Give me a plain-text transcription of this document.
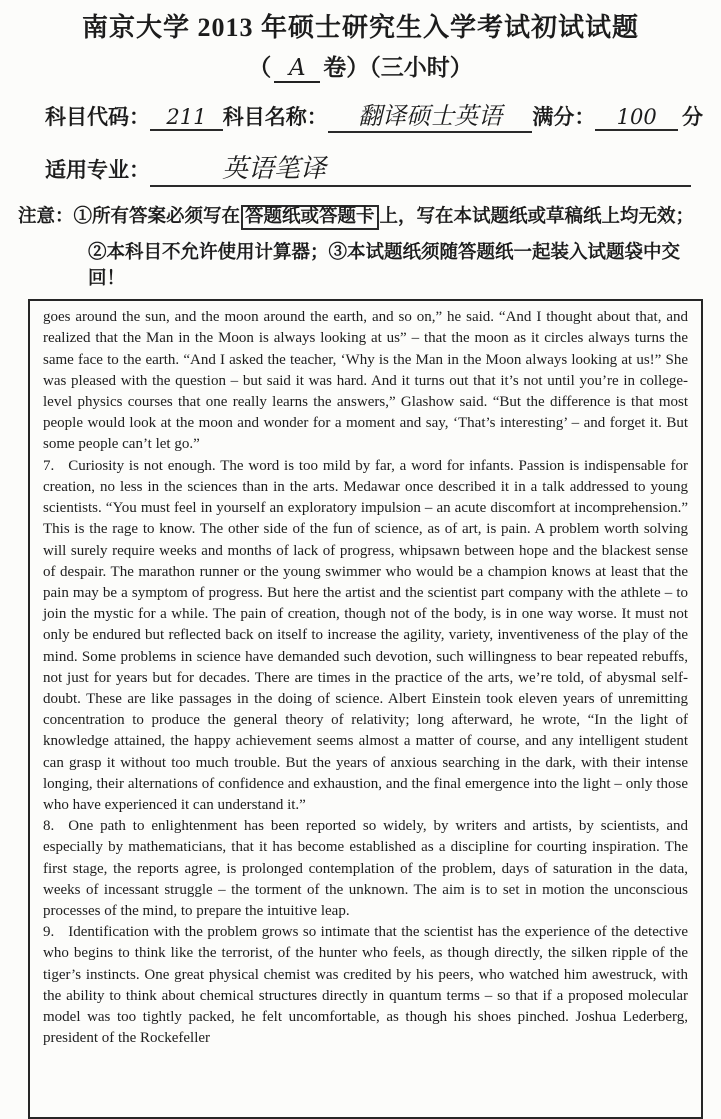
南京大学 2013 年硕士研究生入学考试初试试题
（ A 卷）（三小时）
科目代码： 211 科目名称：	翻译硕士英语	满分：	100	分
适用专业：	英语笔译
注意：①所有答案必须写在 答题纸或答题卡 上，写在本试题纸或草稿纸上均无效；
②本科目不允许使用计算器；③本试题纸须随答题纸一起装入试题袋中交回！

goes around the sun, and the moon around the earth, and so on,” he said. “And I thought about that, and realized that the Man in the Moon is always looking at us” – that the moon as it circles always turns the same face to the earth. “And I asked the teacher, ‘Why is the Man in the Moon always looking at us!” She was pleased with the question – but said it was hard. And it turns out that it’s not until you’re in college-level physics courses that one really learns the answers,” Glashow said. “But the difference is that most people would look at the moon and wonder for a moment and say, ‘That’s interesting’ – and forget it. But some people can’t let go.”

7. Curiosity is not enough. The word is too mild by far, a word for infants. Passion is indispensable for creation, no less in the sciences than in the arts. Medawar once described it in a talk addressed to young scientists. “You must feel in yourself an exploratory impulsion – an acute discomfort at incomprehension.” This is the rage to know. The other side of the fun of science, as of art, is pain. A problem worth solving will surely require weeks and months of lack of progress, whipsawn between hope and the blackest sense of despair. The marathon runner or the young swimmer who would be a champion knows at least that the pain may be a symptom of progress. But here the artist and the scientist part company with the athlete – to join the mystic for a while. The pain of creation, though not of the body, is in one way worse. It must not only be endured but reflected back on itself to increase the agility, variety, inventiveness of the play of the mind. Some problems in science have demanded such devotion, such willingness to bear repeated rebuffs, not just for years but for decades. There are times in the practice of the arts, we’re told, of abysmal self-doubt. These are like passages in the doing of science. Albert Einstein took eleven years of unremitting concentration to produce the general theory of relativity; long afterward, he wrote, “In the light of knowledge attained, the happy achievement seems almost a matter of course, and any intelligent student can grasp it without too much trouble. But the years of anxious searching in the dark, with their intense longing, their alternations of confidence and exhaustion, and the final emergence into the light – only those who have experienced it can understand it.”

8. One path to enlightenment has been reported so widely, by writers and artists, by scientists, and especially by mathematicians, that it has become established as a discipline for courting inspiration. The first stage, the reports agree, is prolonged contemplation of the problem, days of saturation in the data, weeks of incessant struggle – the torment of the unknown. The aim is to set in motion the unconscious processes of the mind, to prepare the intuitive leap.

9. Identification with the problem grows so intimate that the scientist has the experience of the detective who begins to think like the terrorist, of the hunter who feels, as though directly, the silken ripple of the tiger’s instincts. One great physical chemist was credited by his peers, who watched him awestruck, with the ability to think about chemical structures directly in quantum terms – so that if a proposed molecular model was too tightly packed, he felt uncomfortable, as though his shoes pinched. Joshua Lederberg, president of the Rockefeller
